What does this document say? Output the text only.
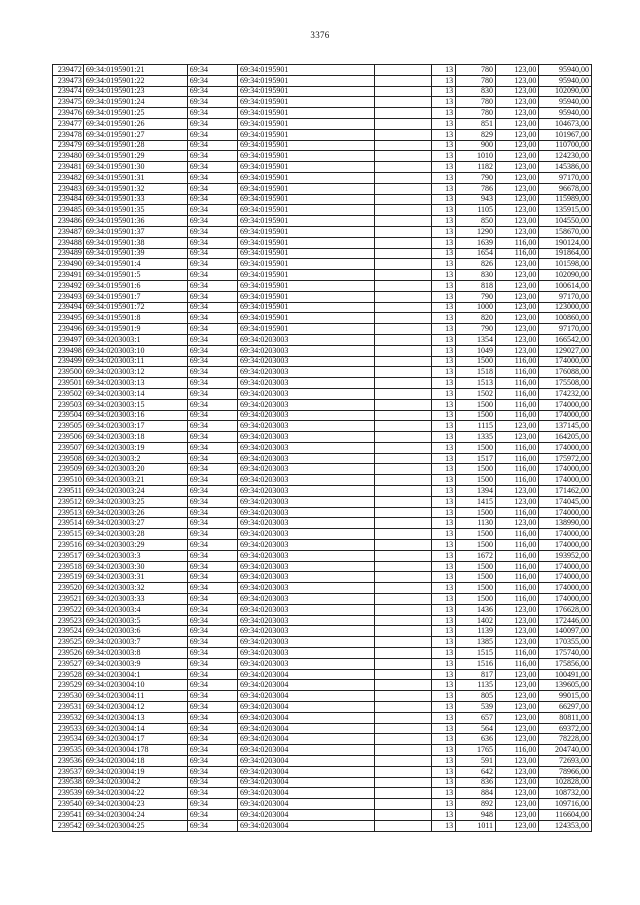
3376
239472	69:34:0195901:21	69:34	69:34:0195901		13	780	123,00	95940,00
239473	69:34:0195901:22	69:34	69:34:0195901		13	780	123,00	95940,00
239474	69:34:0195901:23	69:34	69:34:0195901		13	830	123,00	102090,00
239475	69:34:0195901:24	69:34	69:34:0195901		13	780	123,00	95940,00
239476	69:34:0195901:25	69:34	69:34:0195901		13	780	123,00	95940,00
239477	69:34:0195901:26	69:34	69:34:0195901		13	851	123,00	104673,00
239478	69:34:0195901:27	69:34	69:34:0195901		13	829	123,00	101967,00
239479	69:34:0195901:28	69:34	69:34:0195901		13	900	123,00	110700,00
239480	69:34:0195901:29	69:34	69:34:0195901		13	1010	123,00	124230,00
239481	69:34:0195901:30	69:34	69:34:0195901		13	1182	123,00	145386,00
239482	69:34:0195901:31	69:34	69:34:0195901		13	790	123,00	97170,00
239483	69:34:0195901:32	69:34	69:34:0195901		13	786	123,00	96678,00
239484	69:34:0195901:33	69:34	69:34:0195901		13	943	123,00	115989,00
239485	69:34:0195901:35	69:34	69:34:0195901		13	1105	123,00	135915,00
239486	69:34:0195901:36	69:34	69:34:0195901		13	850	123,00	104550,00
239487	69:34:0195901:37	69:34	69:34:0195901		13	1290	123,00	158670,00
239488	69:34:0195901:38	69:34	69:34:0195901		13	1639	116,00	190124,00
239489	69:34:0195901:39	69:34	69:34:0195901		13	1654	116,00	191864,00
239490	69:34:0195901:4	69:34	69:34:0195901		13	826	123,00	101598,00
239491	69:34:0195901:5	69:34	69:34:0195901		13	830	123,00	102090,00
239492	69:34:0195901:6	69:34	69:34:0195901		13	818	123,00	100614,00
239493	69:34:0195901:7	69:34	69:34:0195901		13	790	123,00	97170,00
239494	69:34:0195901:72	69:34	69:34:0195901		13	1000	123,00	123000,00
239495	69:34:0195901:8	69:34	69:34:0195901		13	820	123,00	100860,00
239496	69:34:0195901:9	69:34	69:34:0195901		13	790	123,00	97170,00
239497	69:34:0203003:1	69:34	69:34:0203003		13	1354	123,00	166542,00
239498	69:34:0203003:10	69:34	69:34:0203003		13	1049	123,00	129027,00
239499	69:34:0203003:11	69:34	69:34:0203003		13	1500	116,00	174000,00
239500	69:34:0203003:12	69:34	69:34:0203003		13	1518	116,00	176088,00
239501	69:34:0203003:13	69:34	69:34:0203003		13	1513	116,00	175508,00
239502	69:34:0203003:14	69:34	69:34:0203003		13	1502	116,00	174232,00
239503	69:34:0203003:15	69:34	69:34:0203003		13	1500	116,00	174000,00
239504	69:34:0203003:16	69:34	69:34:0203003		13	1500	116,00	174000,00
239505	69:34:0203003:17	69:34	69:34:0203003		13	1115	123,00	137145,00
239506	69:34:0203003:18	69:34	69:34:0203003		13	1335	123,00	164205,00
239507	69:34:0203003:19	69:34	69:34:0203003		13	1500	116,00	174000,00
239508	69:34:0203003:2	69:34	69:34:0203003		13	1517	116,00	175972,00
239509	69:34:0203003:20	69:34	69:34:0203003		13	1500	116,00	174000,00
239510	69:34:0203003:21	69:34	69:34:0203003		13	1500	116,00	174000,00
239511	69:34:0203003:24	69:34	69:34:0203003		13	1394	123,00	171462,00
239512	69:34:0203003:25	69:34	69:34:0203003		13	1415	123,00	174045,00
239513	69:34:0203003:26	69:34	69:34:0203003		13	1500	116,00	174000,00
239514	69:34:0203003:27	69:34	69:34:0203003		13	1130	123,00	138990,00
239515	69:34:0203003:28	69:34	69:34:0203003		13	1500	116,00	174000,00
239516	69:34:0203003:29	69:34	69:34:0203003		13	1500	116,00	174000,00
239517	69:34:0203003:3	69:34	69:34:0203003		13	1672	116,00	193952,00
239518	69:34:0203003:30	69:34	69:34:0203003		13	1500	116,00	174000,00
239519	69:34:0203003:31	69:34	69:34:0203003		13	1500	116,00	174000,00
239520	69:34:0203003:32	69:34	69:34:0203003		13	1500	116,00	174000,00
239521	69:34:0203003:33	69:34	69:34:0203003		13	1500	116,00	174000,00
239522	69:34:0203003:4	69:34	69:34:0203003		13	1436	123,00	176628,00
239523	69:34:0203003:5	69:34	69:34:0203003		13	1402	123,00	172446,00
239524	69:34:0203003:6	69:34	69:34:0203003		13	1139	123,00	140097,00
239525	69:34:0203003:7	69:34	69:34:0203003		13	1385	123,00	170355,00
239526	69:34:0203003:8	69:34	69:34:0203003		13	1515	116,00	175740,00
239527	69:34:0203003:9	69:34	69:34:0203003		13	1516	116,00	175856,00
239528	69:34:0203004:1	69:34	69:34:0203004		13	817	123,00	100491,00
239529	69:34:0203004:10	69:34	69:34:0203004		13	1135	123,00	139605,00
239530	69:34:0203004:11	69:34	69:34:0203004		13	805	123,00	99015,00
239531	69:34:0203004:12	69:34	69:34:0203004		13	539	123,00	66297,00
239532	69:34:0203004:13	69:34	69:34:0203004		13	657	123,00	80811,00
239533	69:34:0203004:14	69:34	69:34:0203004		13	564	123,00	69372,00
239534	69:34:0203004:17	69:34	69:34:0203004		13	636	123,00	78228,00
239535	69:34:0203004:178	69:34	69:34:0203004		13	1765	116,00	204740,00
239536	69:34:0203004:18	69:34	69:34:0203004		13	591	123,00	72693,00
239537	69:34:0203004:19	69:34	69:34:0203004		13	642	123,00	78966,00
239538	69:34:0203004:2	69:34	69:34:0203004		13	836	123,00	102828,00
239539	69:34:0203004:22	69:34	69:34:0203004		13	884	123,00	108732,00
239540	69:34:0203004:23	69:34	69:34:0203004		13	892	123,00	109716,00
239541	69:34:0203004:24	69:34	69:34:0203004		13	948	123,00	116604,00
239542	69:34:0203004:25	69:34	69:34:0203004		13	1011	123,00	124353,00
